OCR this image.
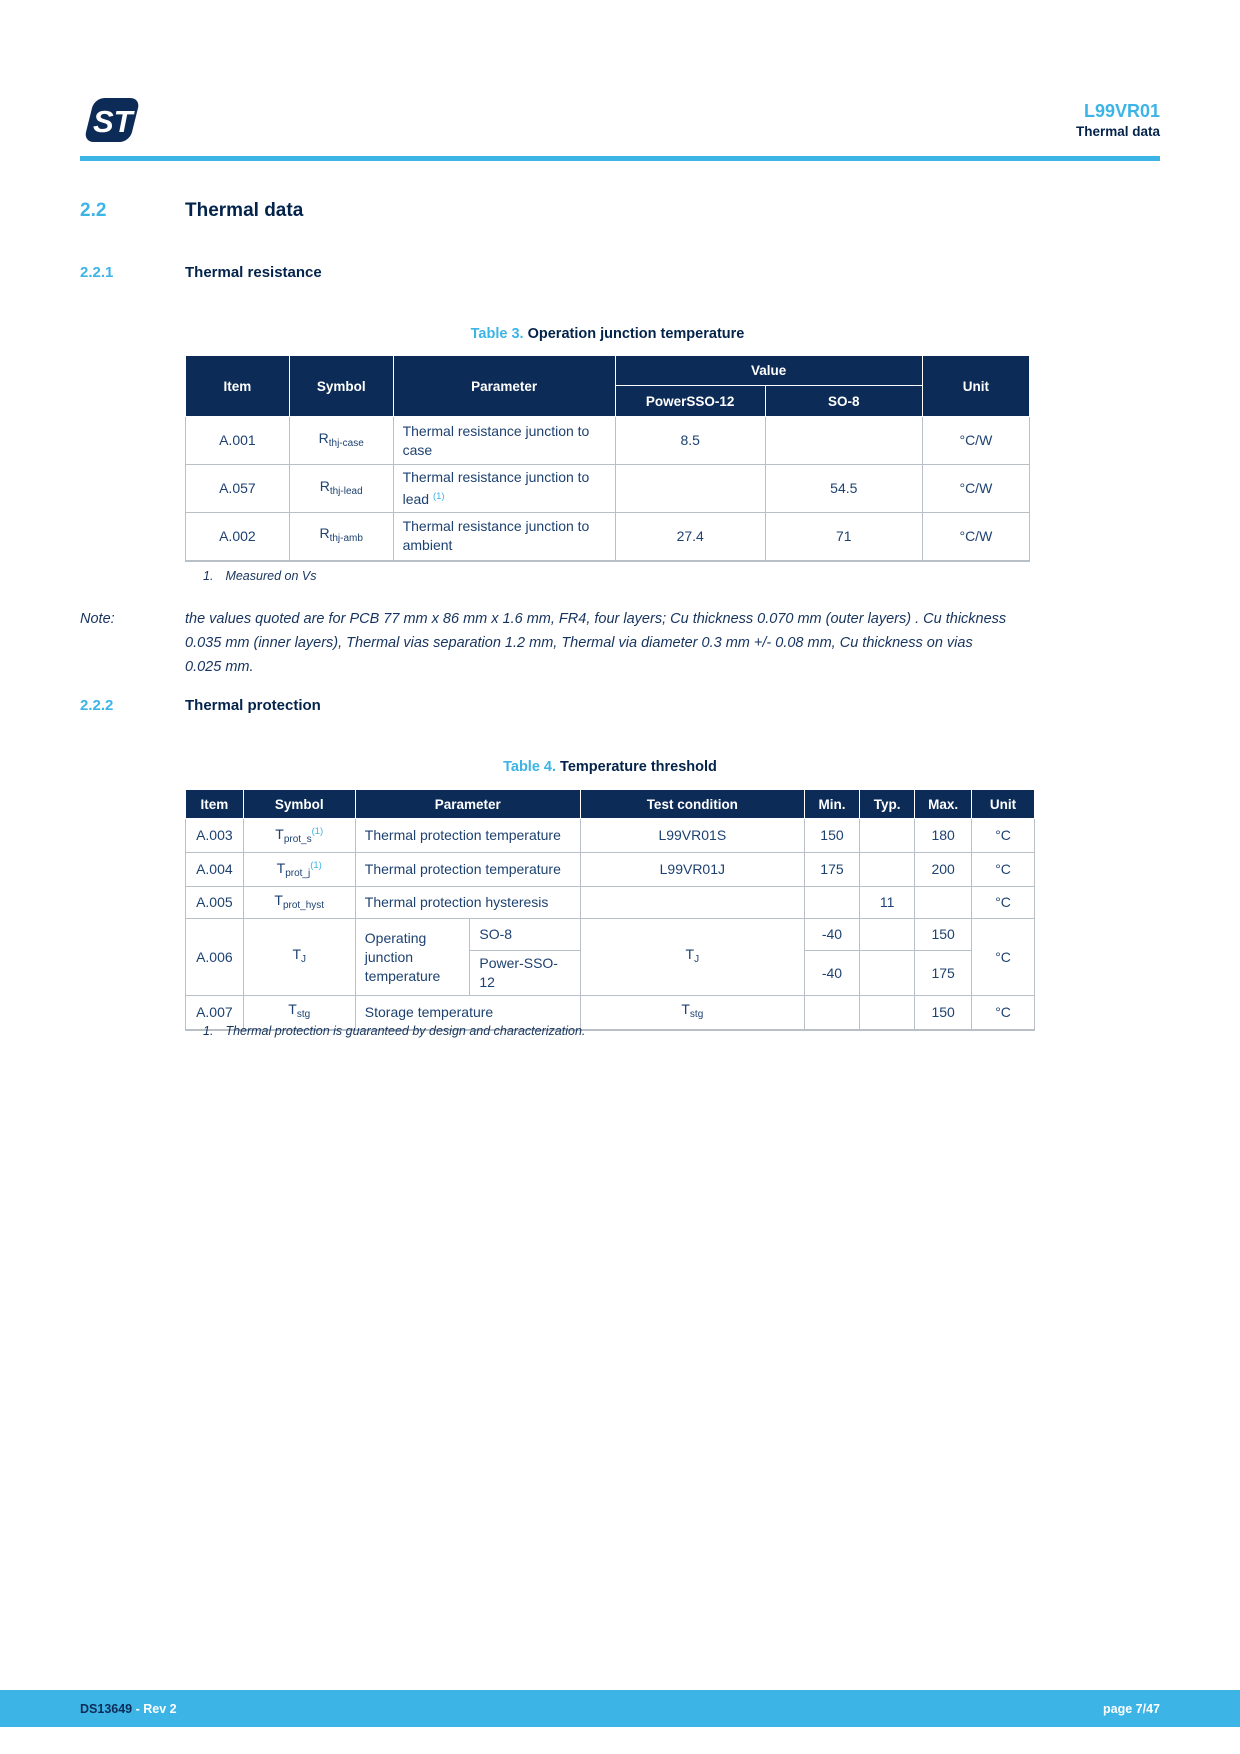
ST	L99VR01
Thermal data
2.2	Thermal data
2.2.1	Thermal resistance
Table 3. Operation junction temperature
Item	Symbol	Parameter	Value		Unit
			PowerSSO-12	SO-8	
A.001	$R_{thj-case}$	Thermal resistance junction to case	8.5		°C/W
A.057	$R_{thj-lead}$	Thermal resistance junction to lead $^{(1)}$		54.5	°C/W
A.002	$R_{thj-amb}$	Thermal resistance junction to ambient	27.4	71	°C/W
1. Measured on Vs
Note:	the values quoted are for PCB 77 mm x 86 mm x 1.6 mm, FR4, four layers; Cu thickness 0.070 mm (outer layers) . Cu thickness 0.035 mm (inner layers), Thermal vias separation 1.2 mm, Thermal via diameter 0.3 mm +/- 0.08 mm, Cu thickness on vias 0.025 mm.
2.2.2	Thermal protection
Table 4. Temperature threshold
Item	Symbol	Parameter		Test condition	Min.	Typ.	Max.	Unit
A.003	$T_{prot\_s}^{(1)}$	Thermal protection temperature		L99VR01S	150		180	°C
A.004	$T_{prot\_j}^{(1)}$	Thermal protection temperature		L99VR01J	175		200	°C
A.005	$T_{prot\_hyst}$	Thermal protection hysteresis				11		°C
A.006	$T_J$	Operating junction temperature	SO-8	$T_J$	-40		150	°C
			Power-SSO-12		-40		175	
A.007	$T_{stg}$	Storage temperature		$T_{stg}$			150	°C
1. Thermal protection is guaranteed by design and characterization.
DS13649 - Rev 2	page 7/47
